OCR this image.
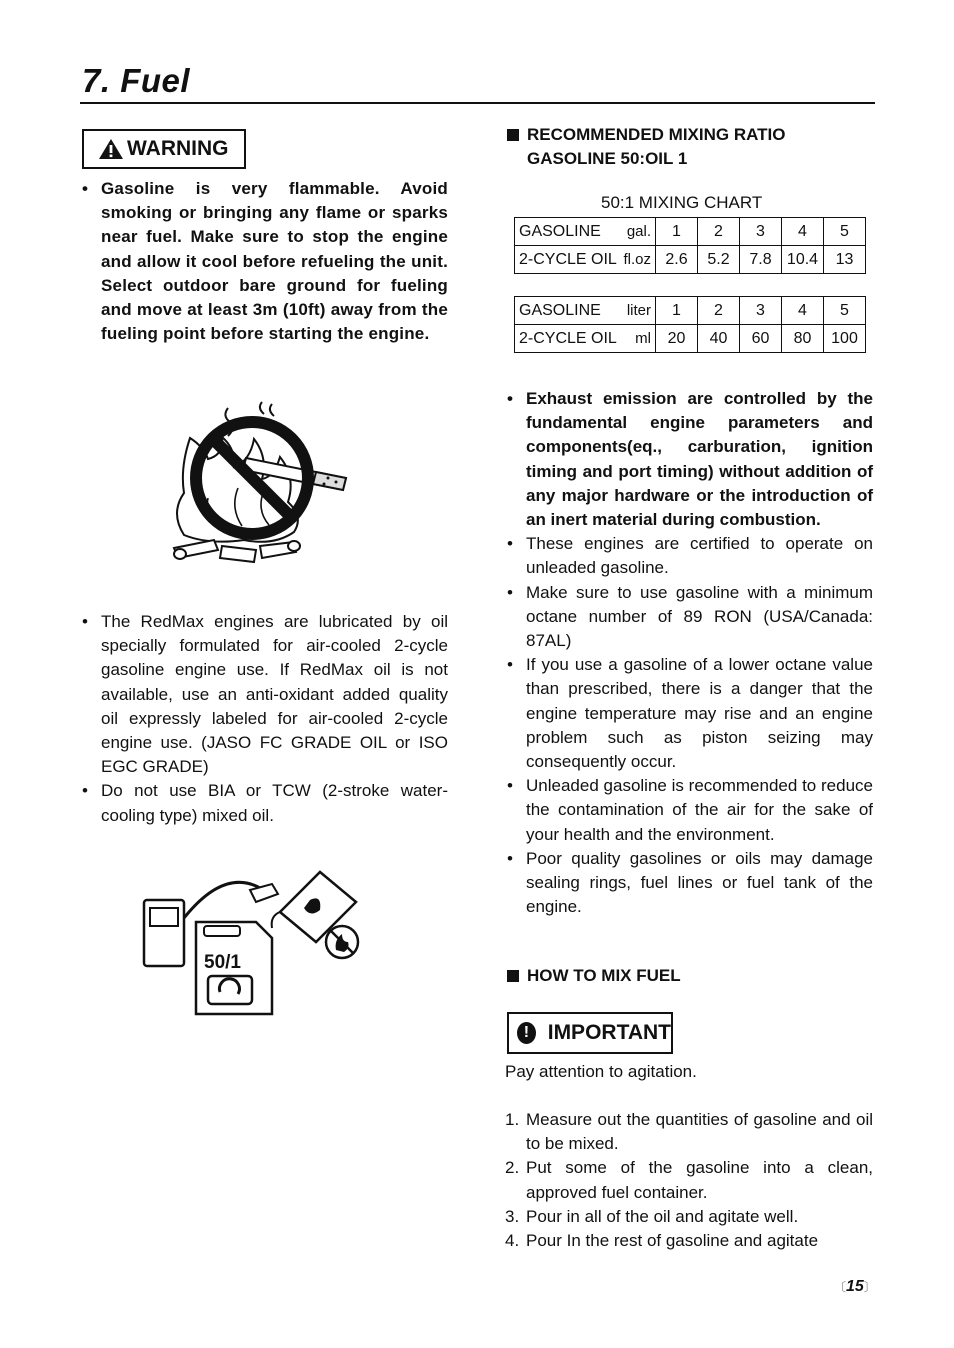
7. Fuel
WARNING
• Gasoline is very flammable. Avoid smoking or bringing any flame or sparks near fuel. Make sure to stop the engine and allow it cool before refueling the unit. Select outdoor bare ground for fueling and move at least 3m (10ft) away from the fueling point before starting the engine.
• The RedMax engines are lubricated by oil specially formulated for air-cooled 2-cycle gasoline engine use. If RedMax oil is not available, use an anti-oxidant added quality oil expressly labeled for air-cooled 2-cycle engine use. (JASO FC GRADE OIL or ISO EGC GRADE)
• Do not use BIA or TCW (2-stroke water-cooling type) mixed oil.
50/1
RECOMMENDED MIXING RATIO
GASOLINE 50:OIL 1
50:1 MIXING CHART
GASOLINE gal.	1	2	3	4	5

2-CYCLE OIL fl.oz	2.6	5.2	7.8	10.4	13
GASOLINE liter	1	2	3	4	5

2-CYCLE OIL ml	20	40	60	80	100
• Exhaust emission are controlled by the fundamental engine parameters and components(eq., carburation, ignition timing and port timing) without addition of any major hardware or the introduction of an inert material during combustion.
• These engines are certified to operate on unleaded gasoline.
• Make sure to use gasoline with a minimum octane number of 89 RON (USA/Canada: 87AL)
• If you use a gasoline of a lower octane value than prescribed, there is a danger that the engine temperature may rise and an engine problem such as piston seizing may consequently occur.
• Unleaded gasoline is recommended to reduce the contamination of the air for the sake of your health and the environment.
• Poor quality gasolines or oils may damage sealing rings, fuel lines or fuel tank of the engine.
HOW TO MIX FUEL
! IMPORTANT
Pay attention to agitation.
1. Measure out the quantities of gasoline and oil to be mixed.
2. Put some of the gasoline into a clean, approved fuel container.
3. Pour in all of the oil and agitate well.
4. Pour In the rest of gasoline and agitate
〔15〕
